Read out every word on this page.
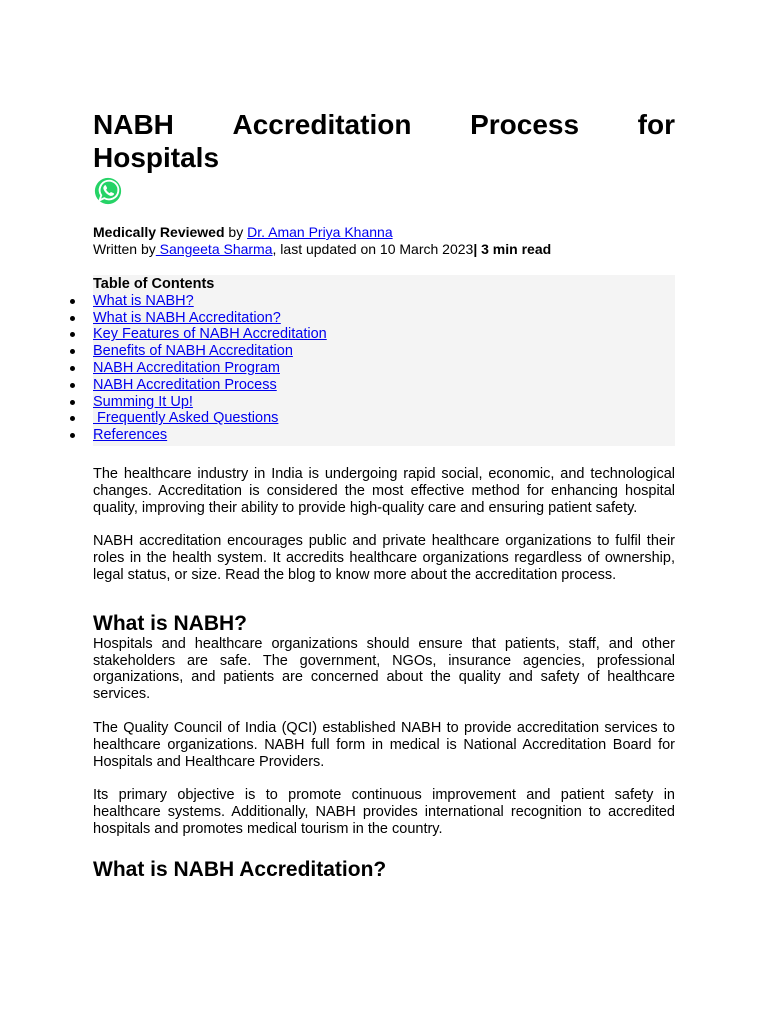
NABH Accreditation Process for
Hospitals
Medically Reviewed by Dr. Aman Priya Khanna
Written by Sangeeta Sharma, last updated on 10 March 2023| 3 min read
Table of Contents
What is NABH?
What is NABH Accreditation?
Key Features of NABH Accreditation
Benefits of NABH Accreditation
NABH Accreditation Program
NABH Accreditation Process
Summing It Up!
Frequently Asked Questions
References

The healthcare industry in India is undergoing rapid social, economic, and technological changes. Accreditation is considered the most effective method for enhancing hospital quality, improving their ability to provide high-quality care and ensuring patient safety.

NABH accreditation encourages public and private healthcare organizations to fulfil their roles in the health system. It accredits healthcare organizations regardless of ownership, legal status, or size. Read the blog to know more about the accreditation process.

What is NABH?

Hospitals and healthcare organizations should ensure that patients, staff, and other stakeholders are safe. The government, NGOs, insurance agencies, professional organizations, and patients are concerned about the quality and safety of healthcare services.

The Quality Council of India (QCI) established NABH to provide accreditation services to healthcare organizations. NABH full form in medical is National Accreditation Board for Hospitals and Healthcare Providers.

Its primary objective is to promote continuous improvement and patient safety in healthcare systems. Additionally, NABH provides international recognition to accredited hospitals and promotes medical tourism in the country.

What is NABH Accreditation?
